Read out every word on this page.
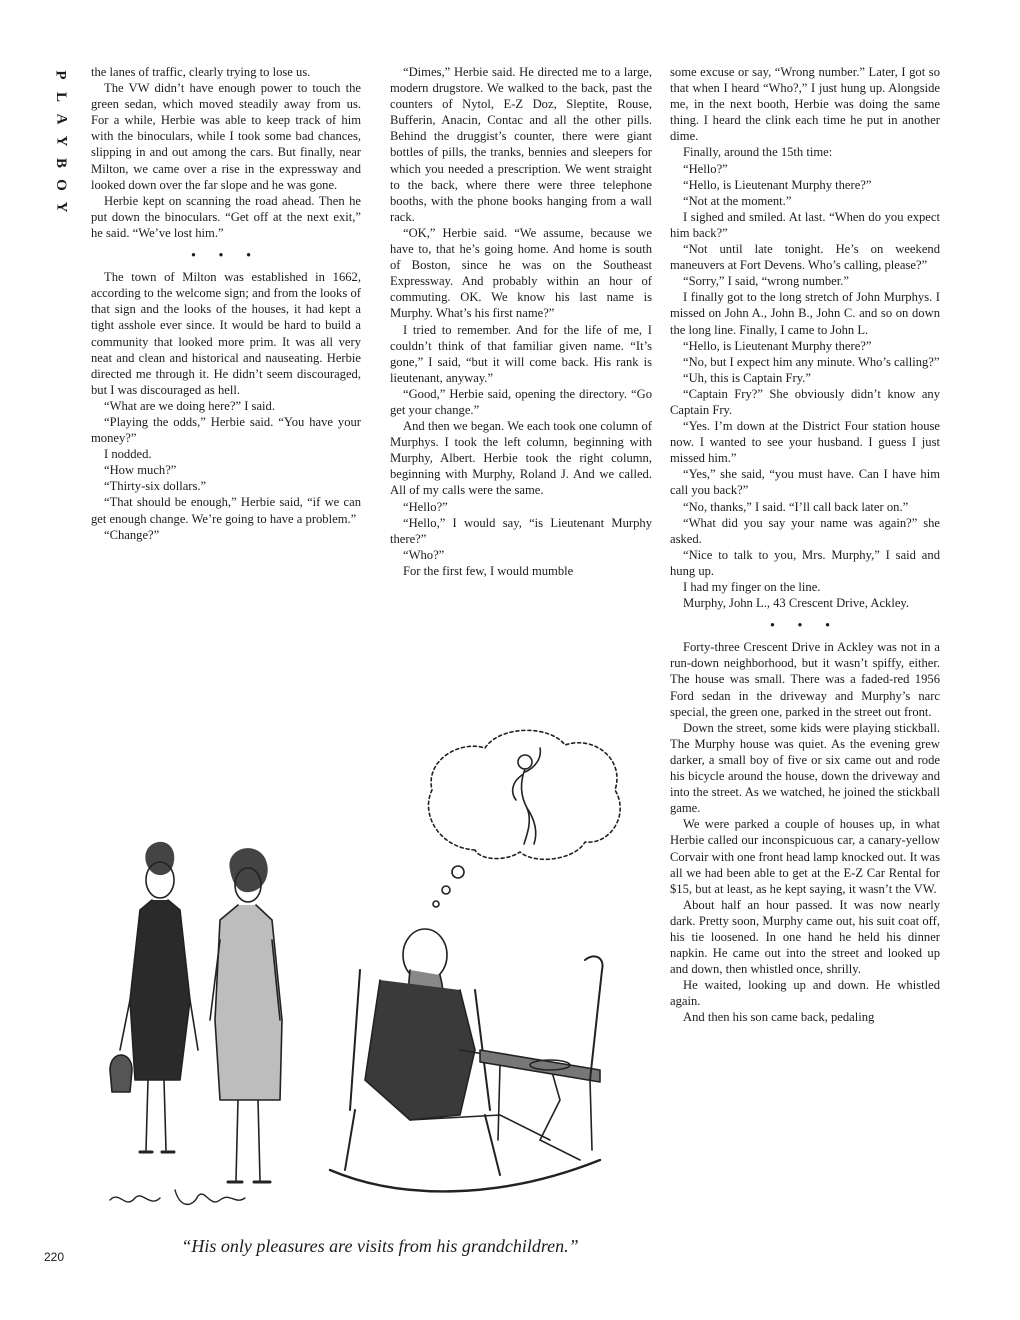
P
L
A
Y
B
O
Y

the lanes of traffic, clearly trying to lose us.

The VW didn’t have enough power to touch the green sedan, which moved steadily away from us. For a while, Herbie was able to keep track of him with the binoculars, while I took some bad chances, slipping in and out among the cars. But finally, near Milton, we came over a rise in the expressway and looked down over the far slope and he was gone.

Herbie kept on scanning the road ahead. Then he put down the binoculars. “Get off at the next exit,” he said. “We’ve lost him.”

• • •

The town of Milton was established in 1662, according to the welcome sign; and from the looks of that sign and the looks of the houses, it had kept a tight asshole ever since. It would be hard to build a community that looked more prim. It was all very neat and clean and historical and nauseating. Herbie directed me through it. He didn’t seem discouraged, but I was discouraged as hell.

“What are we doing here?” I said.

“Playing the odds,” Herbie said. “You have your money?”

I nodded.

“How much?”

“Thirty-six dollars.”

“That should be enough,” Herbie said, “if we can get enough change. We’re going to have a problem.”

“Change?”

“Dimes,” Herbie said. He directed me to a large, modern drugstore. We walked to the back, past the counters of Nytol, E-Z Doz, Sleptite, Rouse, Bufferin, Anacin, Contac and all the other pills. Behind the druggist’s counter, there were giant bottles of pills, the tranks, bennies and sleepers for which you needed a prescription. We went straight to the back, where there were three telephone booths, with the phone books hanging from a wall rack.

“OK,” Herbie said. “We assume, because we have to, that he’s going home. And home is south of Boston, since he was on the Southeast Expressway. And probably within an hour of commuting. OK. We know his last name is Murphy. What’s his first name?”

I tried to remember. And for the life of me, I couldn’t think of that familiar given name. “It’s gone,” I said, “but it will come back. His rank is lieutenant, anyway.”

“Good,” Herbie said, opening the directory. “Go get your change.”

And then we began. We each took one column of Murphys. I took the left column, beginning with Murphy, Albert. Herbie took the right column, beginning with Murphy, Roland J. And we called. All of my calls were the same.

“Hello?”

“Hello,” I would say, “is Lieutenant Murphy there?”

“Who?”

For the first few, I would mumble

some excuse or say, “Wrong number.” Later, I got so that when I heard “Who?,” I just hung up. Alongside me, in the next booth, Herbie was doing the same thing. I heard the clink each time he put in another dime.

Finally, around the 15th time:

“Hello?”

“Hello, is Lieutenant Murphy there?”

“Not at the moment.”

I sighed and smiled. At last. “When do you expect him back?”

“Not until late tonight. He’s on weekend maneuvers at Fort Devens. Who’s calling, please?”

“Sorry,” I said, “wrong number.”

I finally got to the long stretch of John Murphys. I missed on John A., John B., John C. and so on down the long line. Finally, I came to John L.

“Hello, is Lieutenant Murphy there?”

“No, but I expect him any minute. Who’s calling?”

“Uh, this is Captain Fry.”

“Captain Fry?” She obviously didn’t know any Captain Fry.

“Yes. I’m down at the District Four station house now. I wanted to see your husband. I guess I just missed him.”

“Yes,” she said, “you must have. Can I have him call you back?”

“No, thanks,” I said. “I’ll call back later on.”

“What did you say your name was again?” she asked.

“Nice to talk to you, Mrs. Murphy,” I said and hung up.

I had my finger on the line.

Murphy, John L., 43 Crescent Drive, Ackley.

• • •

Forty-three Crescent Drive in Ackley was not in a run-down neighborhood, but it wasn’t spiffy, either. The house was small. There was a faded-red 1956 Ford sedan in the driveway and Murphy’s narc special, the green one, parked in the street out front.

Down the street, some kids were playing stickball. The Murphy house was quiet. As the evening grew darker, a small boy of five or six came out and rode his bicycle around the house, down the driveway and into the street. As we watched, he joined the stickball game.

We were parked a couple of houses up, in what Herbie called our inconspicuous car, a canary-yellow Corvair with one front head lamp knocked out. It was all we had been able to get at the E-Z Car Rental for $15, but at least, as he kept saying, it wasn’t the VW.

About half an hour passed. It was now nearly dark. Pretty soon, Murphy came out, his suit coat off, his tie loosened. In one hand he held his dinner napkin. He came out into the street and looked up and down, then whistled once, shrilly.

He waited, looking up and down. He whistled again.

And then his son came back, pedaling

“His only pleasures are visits from his grandchildren.”
220
